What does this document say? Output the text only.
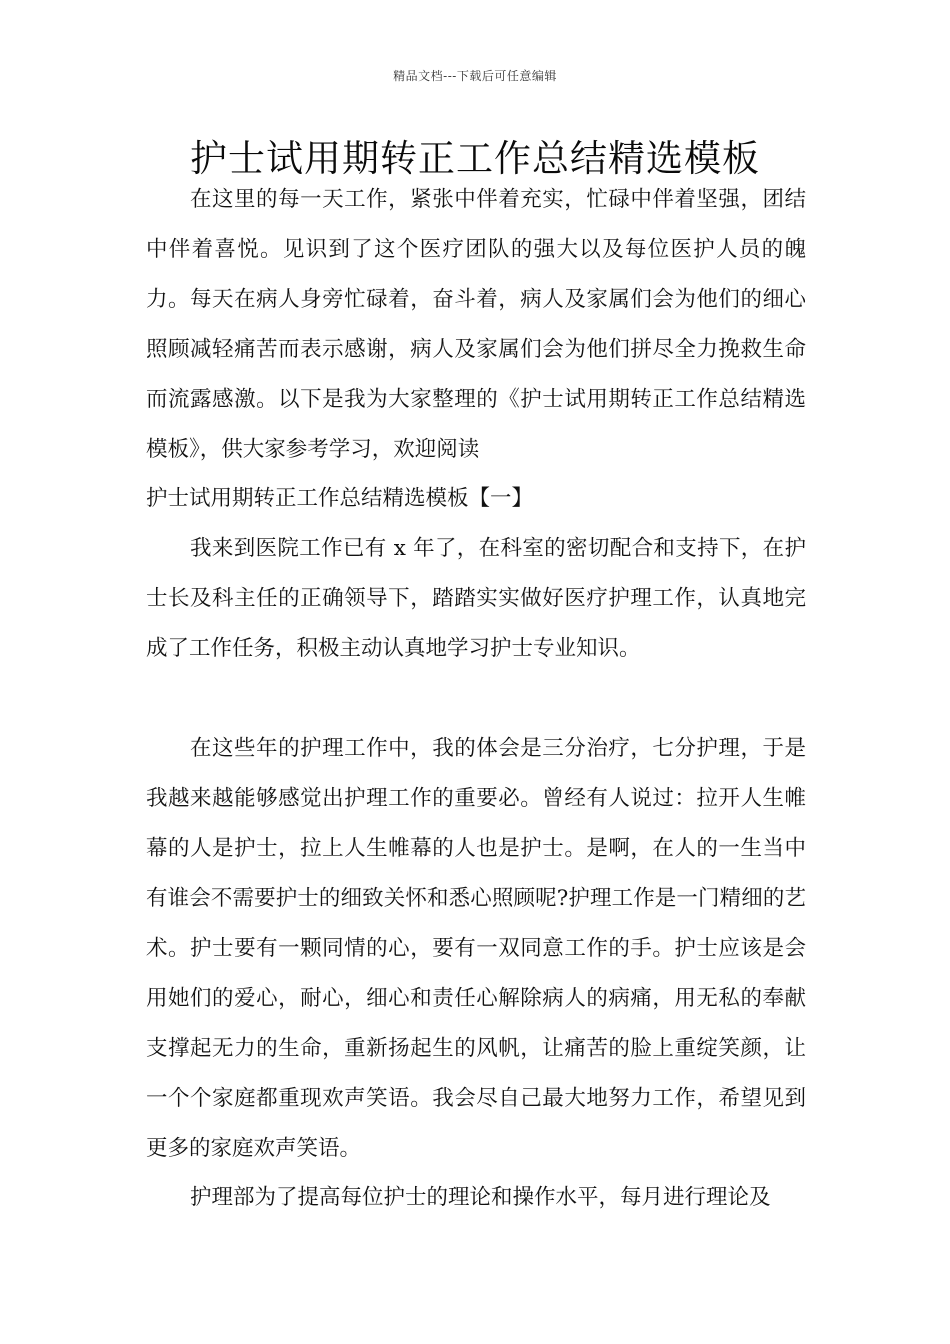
精品文档---下载后可任意编辑
护士试用期转正工作总结精选模板

在这里的每一天工作，紧张中伴着充实，忙碌中伴着坚强，团结中伴着喜悦。见识到了这个医疗团队的强大以及每位医护人员的魄力。每天在病人身旁忙碌着，奋斗着，病人及家属们会为他们的细心照顾减轻痛苦而表示感谢，病人及家属们会为他们拼尽全力挽救生命而流露感激。以下是我为大家整理的《护士试用期转正工作总结精选模板》，供大家参考学习，欢迎阅读

护士试用期转正工作总结精选模板【一】

我来到医院工作已有 x 年了，在科室的密切配合和支持下，在护士长及科主任的正确领导下，踏踏实实做好医疗护理工作，认真地完成了工作任务，积极主动认真地学习护士专业知识。

在这些年的护理工作中，我的体会是三分治疗，七分护理，于是我越来越能够感觉出护理工作的重要必。曾经有人说过：拉开人生帷幕的人是护士，拉上人生帷幕的人也是护士。是啊，在人的一生当中有谁会不需要护士的细致关怀和悉心照顾呢?护理工作是一门精细的艺术。护士要有一颗同情的心，要有一双同意工作的手。护士应该是会用她们的爱心，耐心，细心和责任心解除病人的病痛，用无私的奉献支撑起无力的生命，重新扬起生的风帆，让痛苦的脸上重绽笑颜，让一个个家庭都重现欢声笑语。我会尽自己最大地努力工作，希望见到更多的家庭欢声笑语。

护理部为了提高每位护士的理论和操作水平，每月进行理论及
